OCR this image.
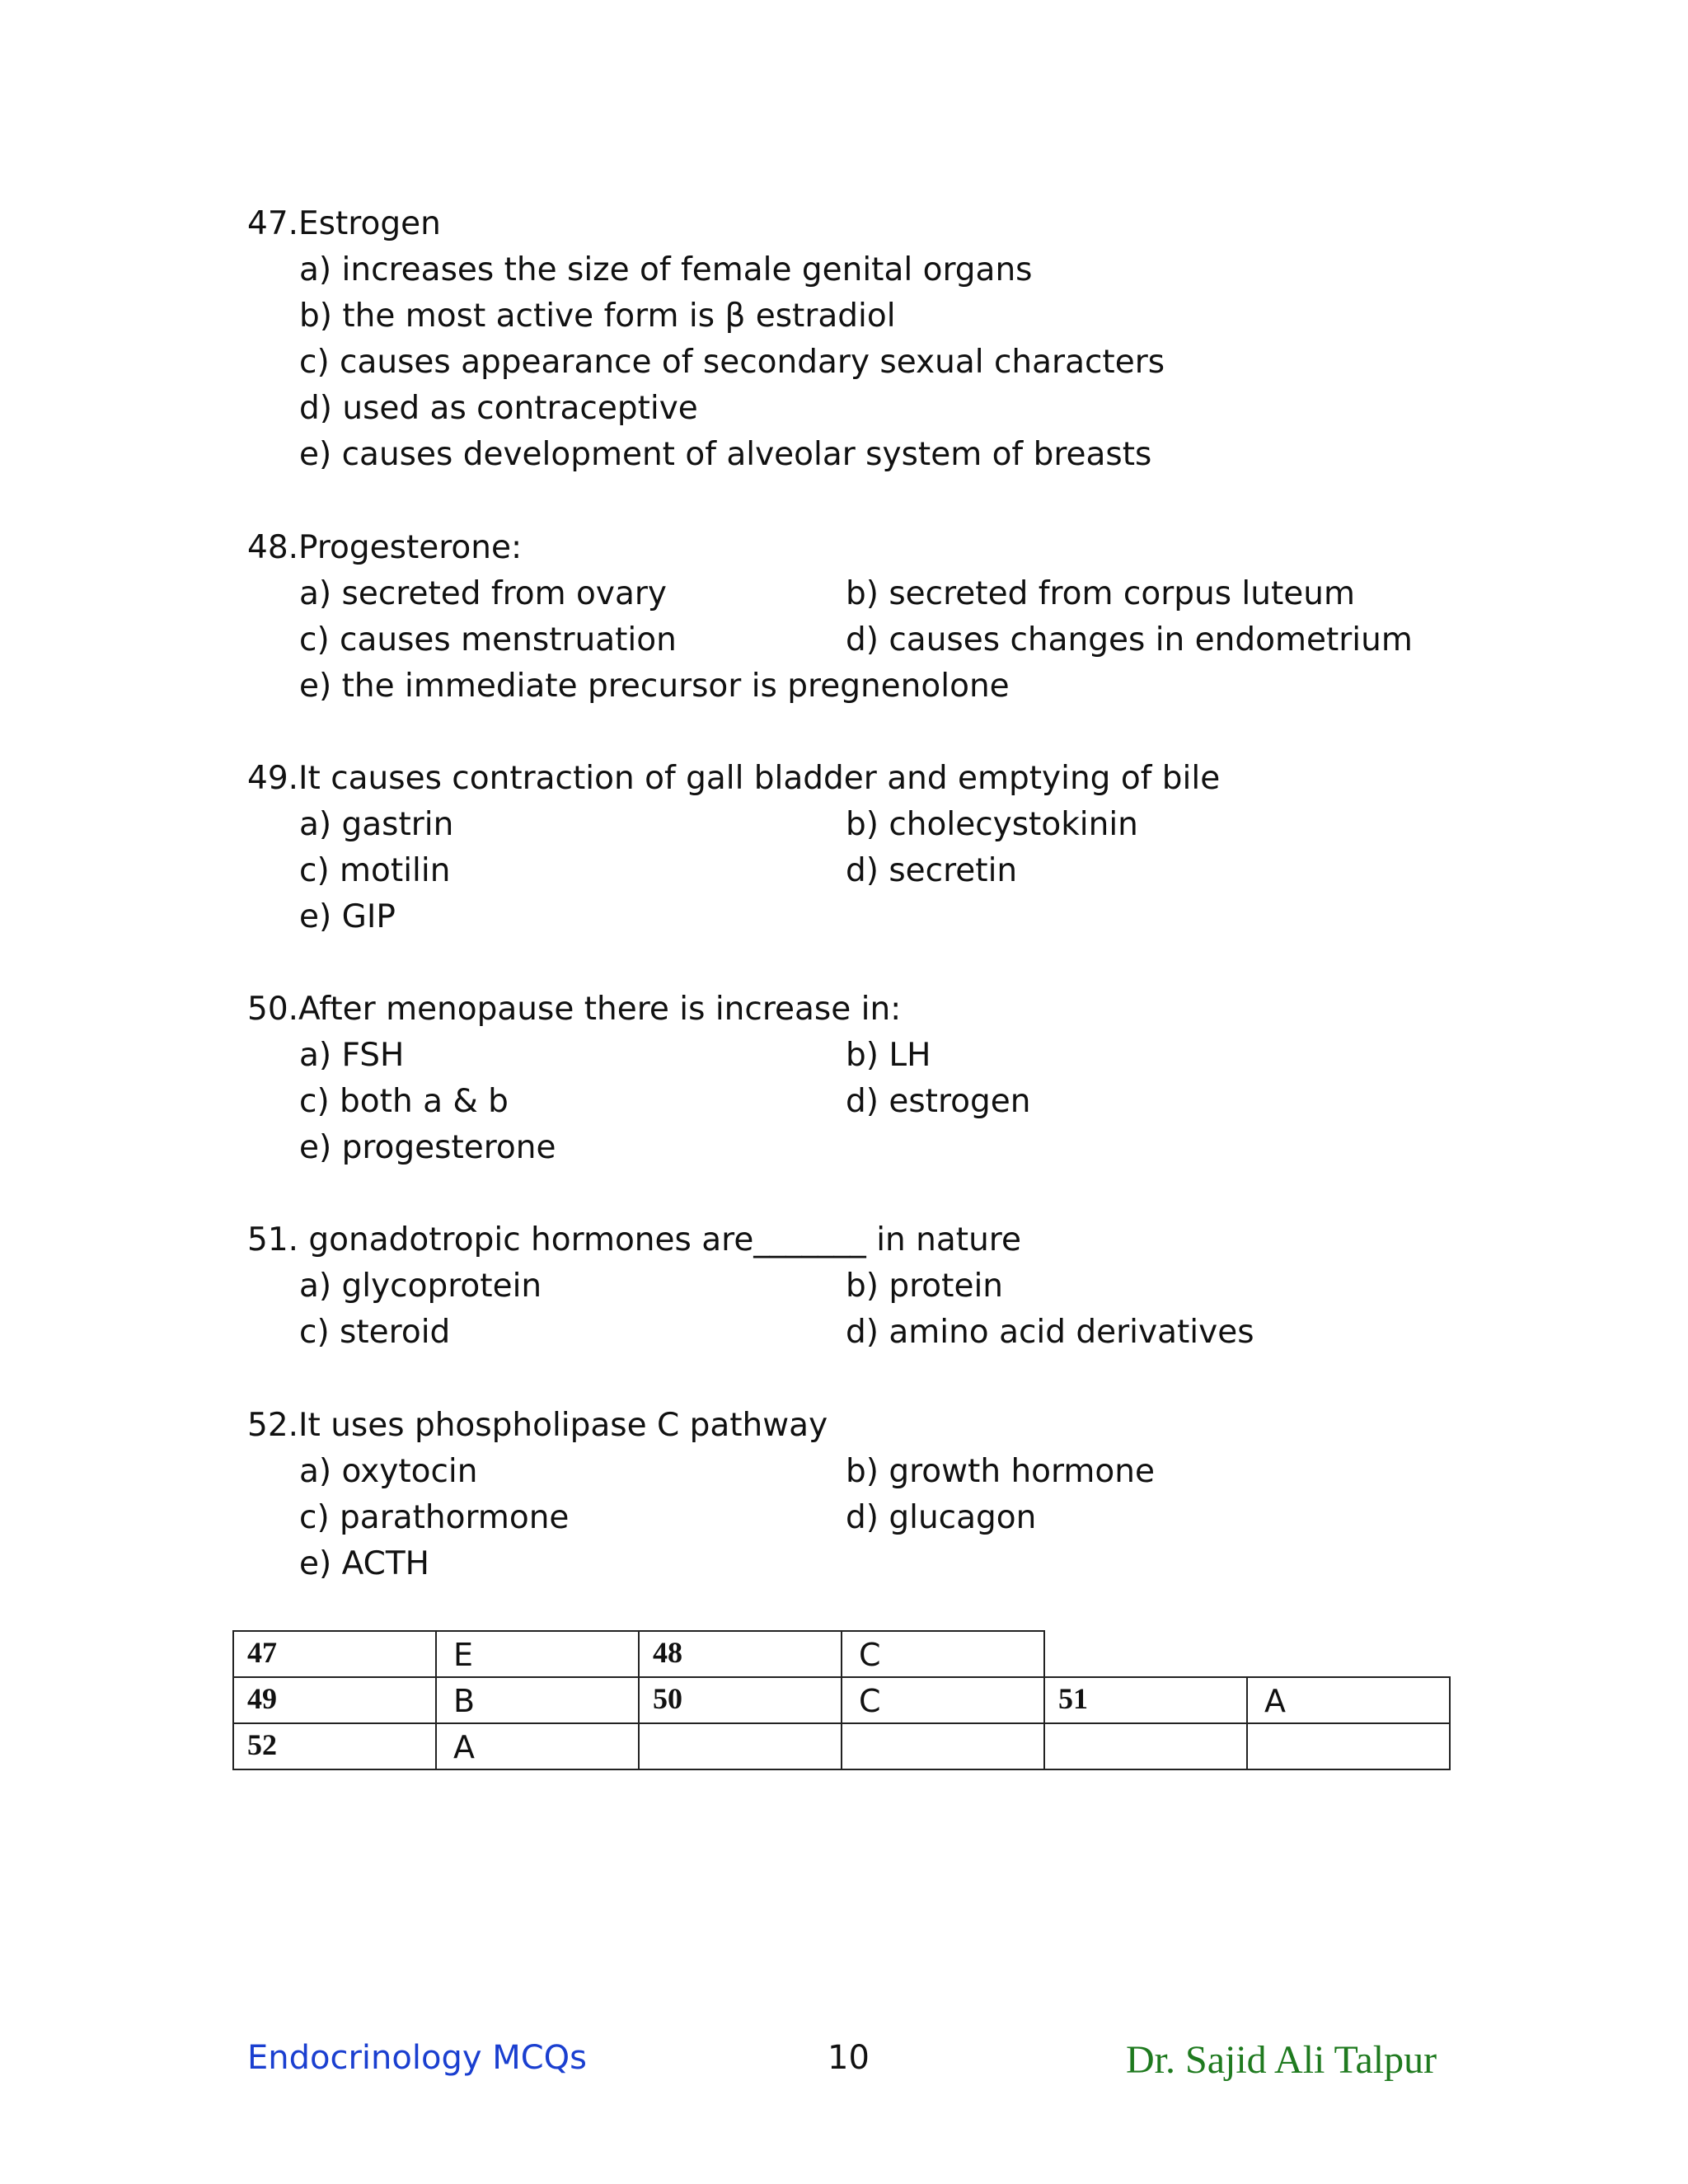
47.Estrogen
a) increases the size of female genital organs
b) the most active form is β estradiol
c) causes appearance of secondary sexual characters
d) used as contraceptive
e) causes development of alveolar system of breasts
48.Progesterone:
a) secreted from ovary	b) secreted from corpus luteum
c) causes menstruation	d) causes changes in endometrium
e) the immediate precursor is pregnenolone
49.It causes contraction of gall bladder and emptying of bile
a) gastrin	b) cholecystokinin
c) motilin	d) secretin
e) GIP
50.After menopause there is increase in:
a) FSH	b) LH
c) both a & b	d) estrogen
e) progesterone
51. gonadotropic hormones are_______ in nature
a) glycoprotein	b) protein
c) steroid	d) amino acid derivatives
52.It uses phospholipase C pathway
a) oxytocin	b) growth hormone
c) parathormone	d) glucagon
e) ACTH
47	E	48	C
49	B	50	C	51	A
52	A
Endocrinology MCQs	10	Dr. Sajid Ali Talpur
